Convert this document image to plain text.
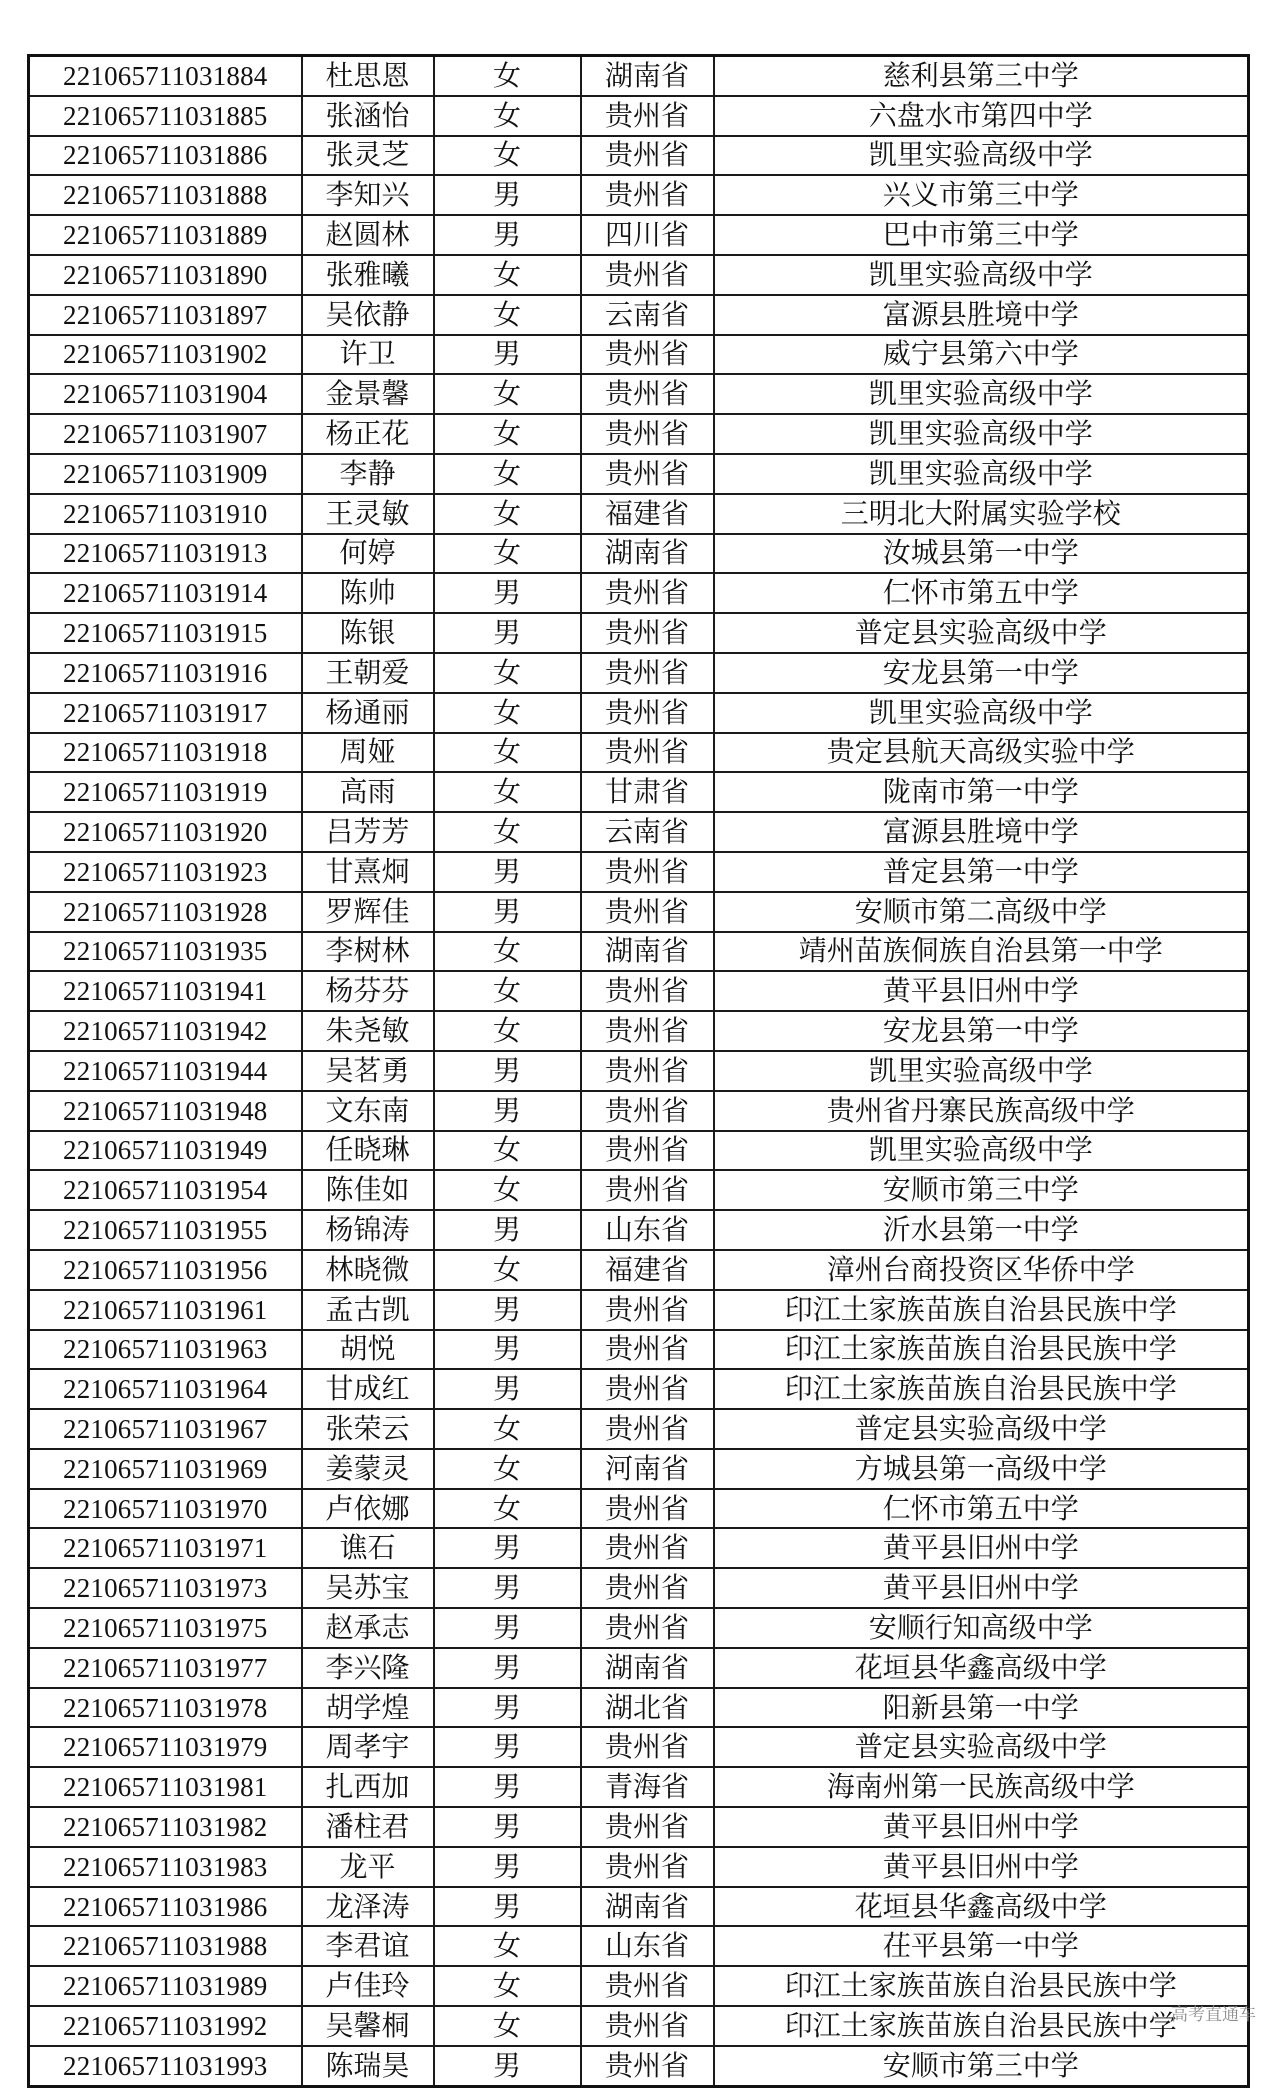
221065711031884	杜思恩	女	湖南省	慈利县第三中学
221065711031885	张涵怡	女	贵州省	六盘水市第四中学
221065711031886	张灵芝	女	贵州省	凯里实验高级中学
221065711031888	李知兴	男	贵州省	兴义市第三中学
221065711031889	赵圆林	男	四川省	巴中市第三中学
221065711031890	张雅曦	女	贵州省	凯里实验高级中学
221065711031897	吴依静	女	云南省	富源县胜境中学
221065711031902	许卫	男	贵州省	威宁县第六中学
221065711031904	金景馨	女	贵州省	凯里实验高级中学
221065711031907	杨正花	女	贵州省	凯里实验高级中学
221065711031909	李静	女	贵州省	凯里实验高级中学
221065711031910	王灵敏	女	福建省	三明北大附属实验学校
221065711031913	何婷	女	湖南省	汝城县第一中学
221065711031914	陈帅	男	贵州省	仁怀市第五中学
221065711031915	陈银	男	贵州省	普定县实验高级中学
221065711031916	王朝爱	女	贵州省	安龙县第一中学
221065711031917	杨通丽	女	贵州省	凯里实验高级中学
221065711031918	周娅	女	贵州省	贵定县航天高级实验中学
221065711031919	高雨	女	甘肃省	陇南市第一中学
221065711031920	吕芳芳	女	云南省	富源县胜境中学
221065711031923	甘熹炯	男	贵州省	普定县第一中学
221065711031928	罗辉佳	男	贵州省	安顺市第二高级中学
221065711031935	李树林	女	湖南省	靖州苗族侗族自治县第一中学
221065711031941	杨芬芬	女	贵州省	黄平县旧州中学
221065711031942	朱尧敏	女	贵州省	安龙县第一中学
221065711031944	吴茗勇	男	贵州省	凯里实验高级中学
221065711031948	文东南	男	贵州省	贵州省丹寨民族高级中学
221065711031949	任晓琳	女	贵州省	凯里实验高级中学
221065711031954	陈佳如	女	贵州省	安顺市第三中学
221065711031955	杨锦涛	男	山东省	沂水县第一中学
221065711031956	林晓微	女	福建省	漳州台商投资区华侨中学
221065711031961	孟古凯	男	贵州省	印江土家族苗族自治县民族中学
221065711031963	胡悦	男	贵州省	印江土家族苗族自治县民族中学
221065711031964	甘成红	男	贵州省	印江土家族苗族自治县民族中学
221065711031967	张荣云	女	贵州省	普定县实验高级中学
221065711031969	姜蒙灵	女	河南省	方城县第一高级中学
221065711031970	卢依娜	女	贵州省	仁怀市第五中学
221065711031971	谯石	男	贵州省	黄平县旧州中学
221065711031973	吴苏宝	男	贵州省	黄平县旧州中学
221065711031975	赵承志	男	贵州省	安顺行知高级中学
221065711031977	李兴隆	男	湖南省	花垣县华鑫高级中学
221065711031978	胡学煌	男	湖北省	阳新县第一中学
221065711031979	周孝宇	男	贵州省	普定县实验高级中学
221065711031981	扎西加	男	青海省	海南州第一民族高级中学
221065711031982	潘柱君	男	贵州省	黄平县旧州中学
221065711031983	龙平	男	贵州省	黄平县旧州中学
221065711031986	龙泽涛	男	湖南省	花垣县华鑫高级中学
221065711031988	李君谊	女	山东省	茌平县第一中学
221065711031989	卢佳玲	女	贵州省	印江土家族苗族自治县民族中学
221065711031992	吴馨桐	女	贵州省	印江土家族苗族自治县民族中学
221065711031993	陈瑞昊	男	贵州省	安顺市第三中学
高考直通车
